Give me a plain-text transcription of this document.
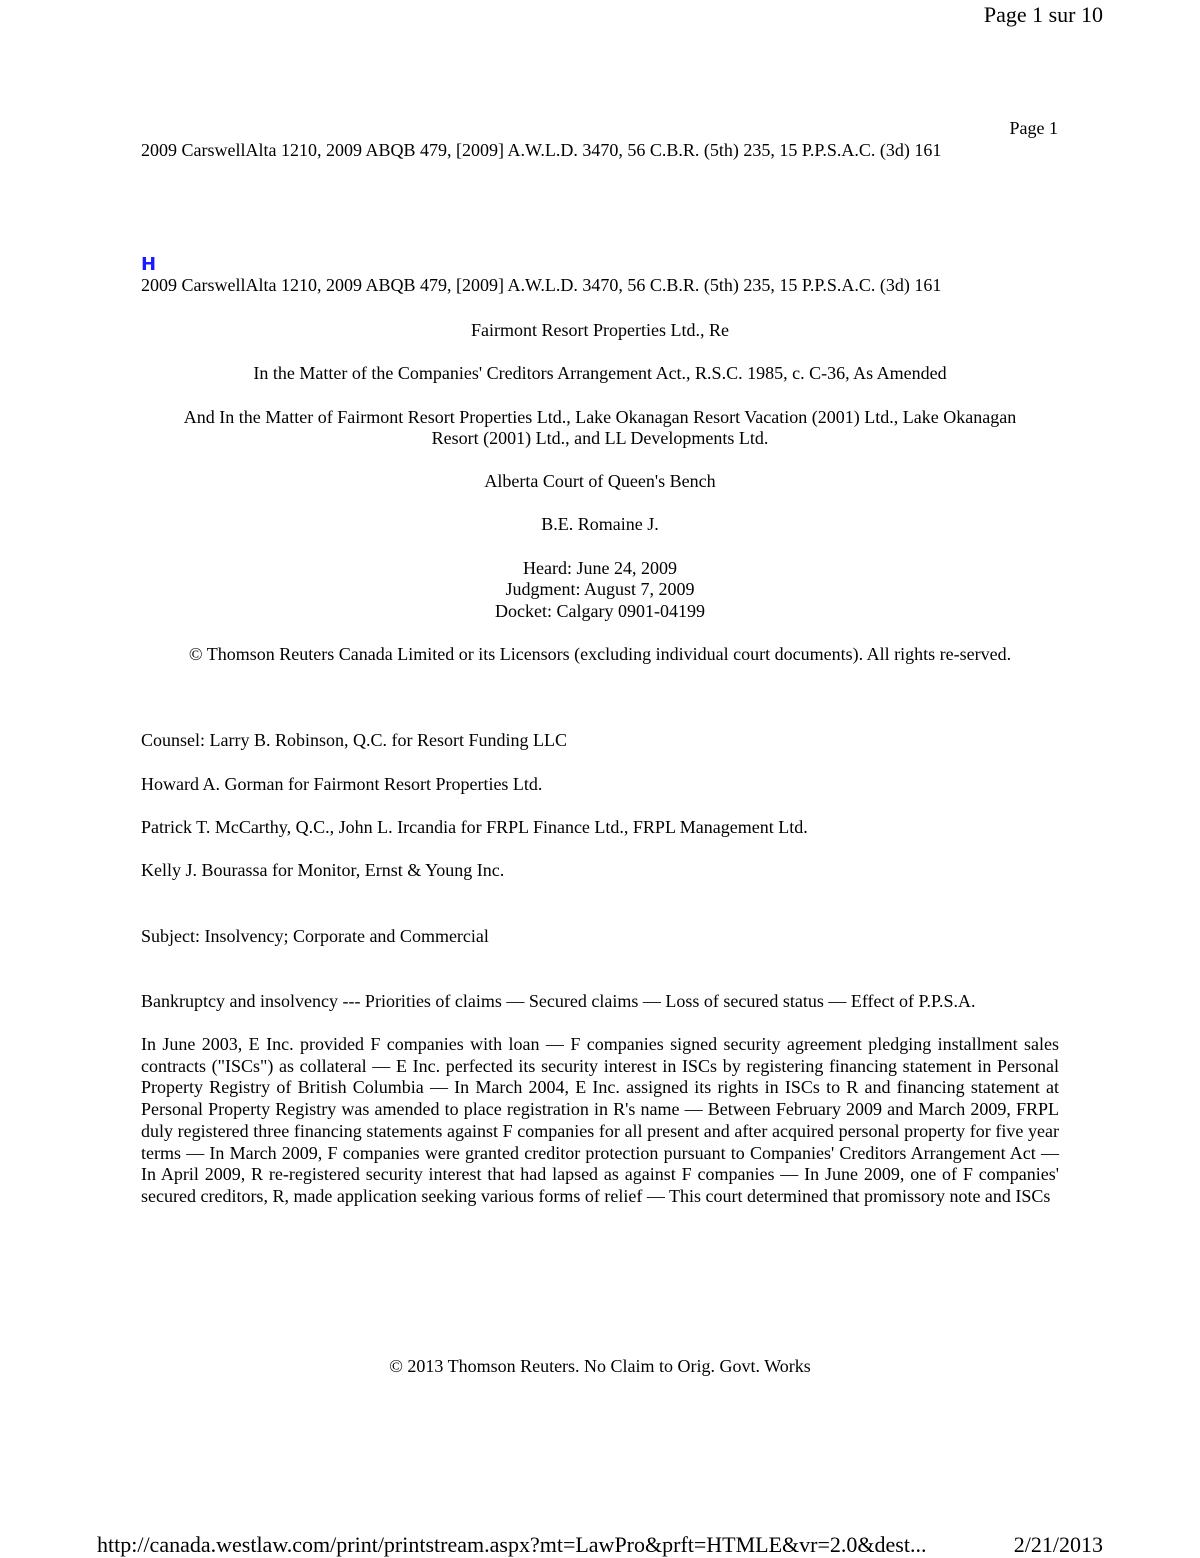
Page 1 sur 10
Page 1
2009 CarswellAlta 1210, 2009 ABQB 479, [2009] A.W.L.D. 3470, 56 C.B.R. (5th) 235, 15 P.P.S.A.C. (3d) 161
H
2009 CarswellAlta 1210, 2009 ABQB 479, [2009] A.W.L.D. 3470, 56 C.B.R. (5th) 235, 15 P.P.S.A.C. (3d) 161
Fairmont Resort Properties Ltd., Re
In the Matter of the Companies' Creditors Arrangement Act., R.S.C. 1985, c. C-36, As Amended
And In the Matter of Fairmont Resort Properties Ltd., Lake Okanagan Resort Vacation (2001) Ltd., Lake Okanagan Resort (2001) Ltd., and LL Developments Ltd.
Alberta Court of Queen's Bench
B.E. Romaine J.
Heard: June 24, 2009
Judgment: August 7, 2009
Docket: Calgary 0901-04199
© Thomson Reuters Canada Limited or its Licensors (excluding individual court documents). All rights re-served.
Counsel: Larry B. Robinson, Q.C. for Resort Funding LLC
Howard A. Gorman for Fairmont Resort Properties Ltd.
Patrick T. McCarthy, Q.C., John L. Ircandia for FRPL Finance Ltd., FRPL Management Ltd.
Kelly J. Bourassa for Monitor, Ernst & Young Inc.
Subject: Insolvency; Corporate and Commercial
Bankruptcy and insolvency --- Priorities of claims — Secured claims — Loss of secured status — Effect of P.P.S.A.
In June 2003, E Inc. provided F companies with loan — F companies signed security agreement pledging installment sales contracts ("ISCs") as collateral — E Inc. perfected its security interest in ISCs by registering financing statement in Personal Property Registry of British Columbia — In March 2004, E Inc. assigned its rights in ISCs to R and financing statement at Personal Property Registry was amended to place registration in R's name — Between February 2009 and March 2009, FRPL duly registered three financing statements against F companies for all present and after acquired personal property for five year terms — In March 2009, F companies were granted creditor protection pursuant to Companies' Creditors Arrangement Act — In April 2009, R re-registered security interest that had lapsed as against F companies — In June 2009, one of F companies' secured creditors, R, made application seeking various forms of relief — This court determined that promissory note and ISCs
© 2013 Thomson Reuters. No Claim to Orig. Govt. Works
http://canada.westlaw.com/print/printstream.aspx?mt=LawPro&prft=HTMLE&vr=2.0&dest...	2/21/2013
